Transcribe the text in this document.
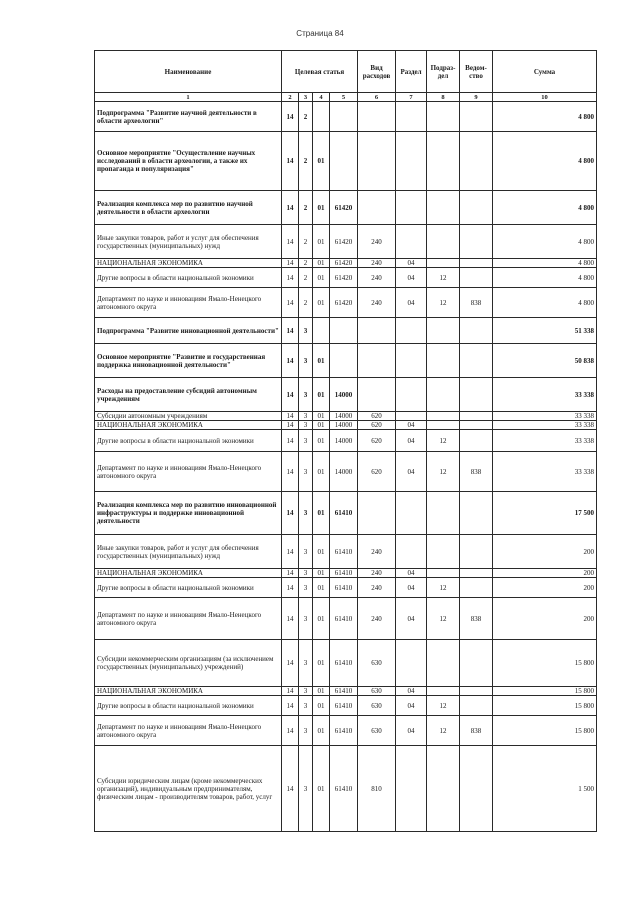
Страница 84
Наименование	Целевая статья				Вид расходов	Раздел	Подраз-дел	Ведом-ство	Сумма
1	2	3	4	5	6	7	8	9	10
Подпрограмма "Развитие научной деятельности в области археологии"	14	2							4 800
Основное мероприятие "Осуществление научных исследований в области археологии, а также их пропаганда и популяризация"	14	2	01						4 800
Реализация комплекса мер по развитию научной деятельности в области археологии	14	2	01	61420					4 800
Иные закупки товаров, работ и услуг для обеспечения государственных (муниципальных) нужд	14	2	01	61420	240				4 800
НАЦИОНАЛЬНАЯ ЭКОНОМИКА	14	2	01	61420	240	04			4 800
Другие вопросы в области национальной экономики	14	2	01	61420	240	04	12		4 800
Департамент по науке и инновациям Ямало-Ненецкого автономного округа	14	2	01	61420	240	04	12	838	4 800
Подпрограмма "Развитие инновационной деятельности"	14	3							51 338
Основное мероприятие "Развитие и государственная поддержка инновационной деятельности"	14	3	01						50 838
Расходы на предоставление субсидий автономным учреждениям	14	3	01	14000					33 338
Субсидии автономным учреждениям	14	3	01	14000	620				33 338
НАЦИОНАЛЬНАЯ ЭКОНОМИКА	14	3	01	14000	620	04			33 338
Другие вопросы в области национальной экономики	14	3	01	14000	620	04	12		33 338
Департамент по науке и инновациям Ямало-Ненецкого автономного округа	14	3	01	14000	620	04	12	838	33 338
Реализация комплекса мер по развитию инновационной инфраструктуры и поддержке инновационной деятельности	14	3	01	61410					17 500
Иные закупки товаров, работ и услуг для обеспечения государственных (муниципальных) нужд	14	3	01	61410	240				200
НАЦИОНАЛЬНАЯ ЭКОНОМИКА	14	3	01	61410	240	04			200
Другие вопросы в области национальной экономики	14	3	01	61410	240	04	12		200
Департамент по науке и инновациям Ямало-Ненецкого автономного округа	14	3	01	61410	240	04	12	838	200
Субсидии некоммерческим организациям (за исключением государственных (муниципальных) учреждений)	14	3	01	61410	630				15 800
НАЦИОНАЛЬНАЯ ЭКОНОМИКА	14	3	01	61410	630	04			15 800
Другие вопросы в области национальной экономики	14	3	01	61410	630	04	12		15 800
Департамент по науке и инновациям Ямало-Ненецкого автономного округа	14	3	01	61410	630	04	12	838	15 800
Субсидии юридическим лицам (кроме некоммерческих организаций), индивидуальным предпринимателям, физическим лицам - производителям товаров, работ, услуг	14	3	01	61410	810				1 500
